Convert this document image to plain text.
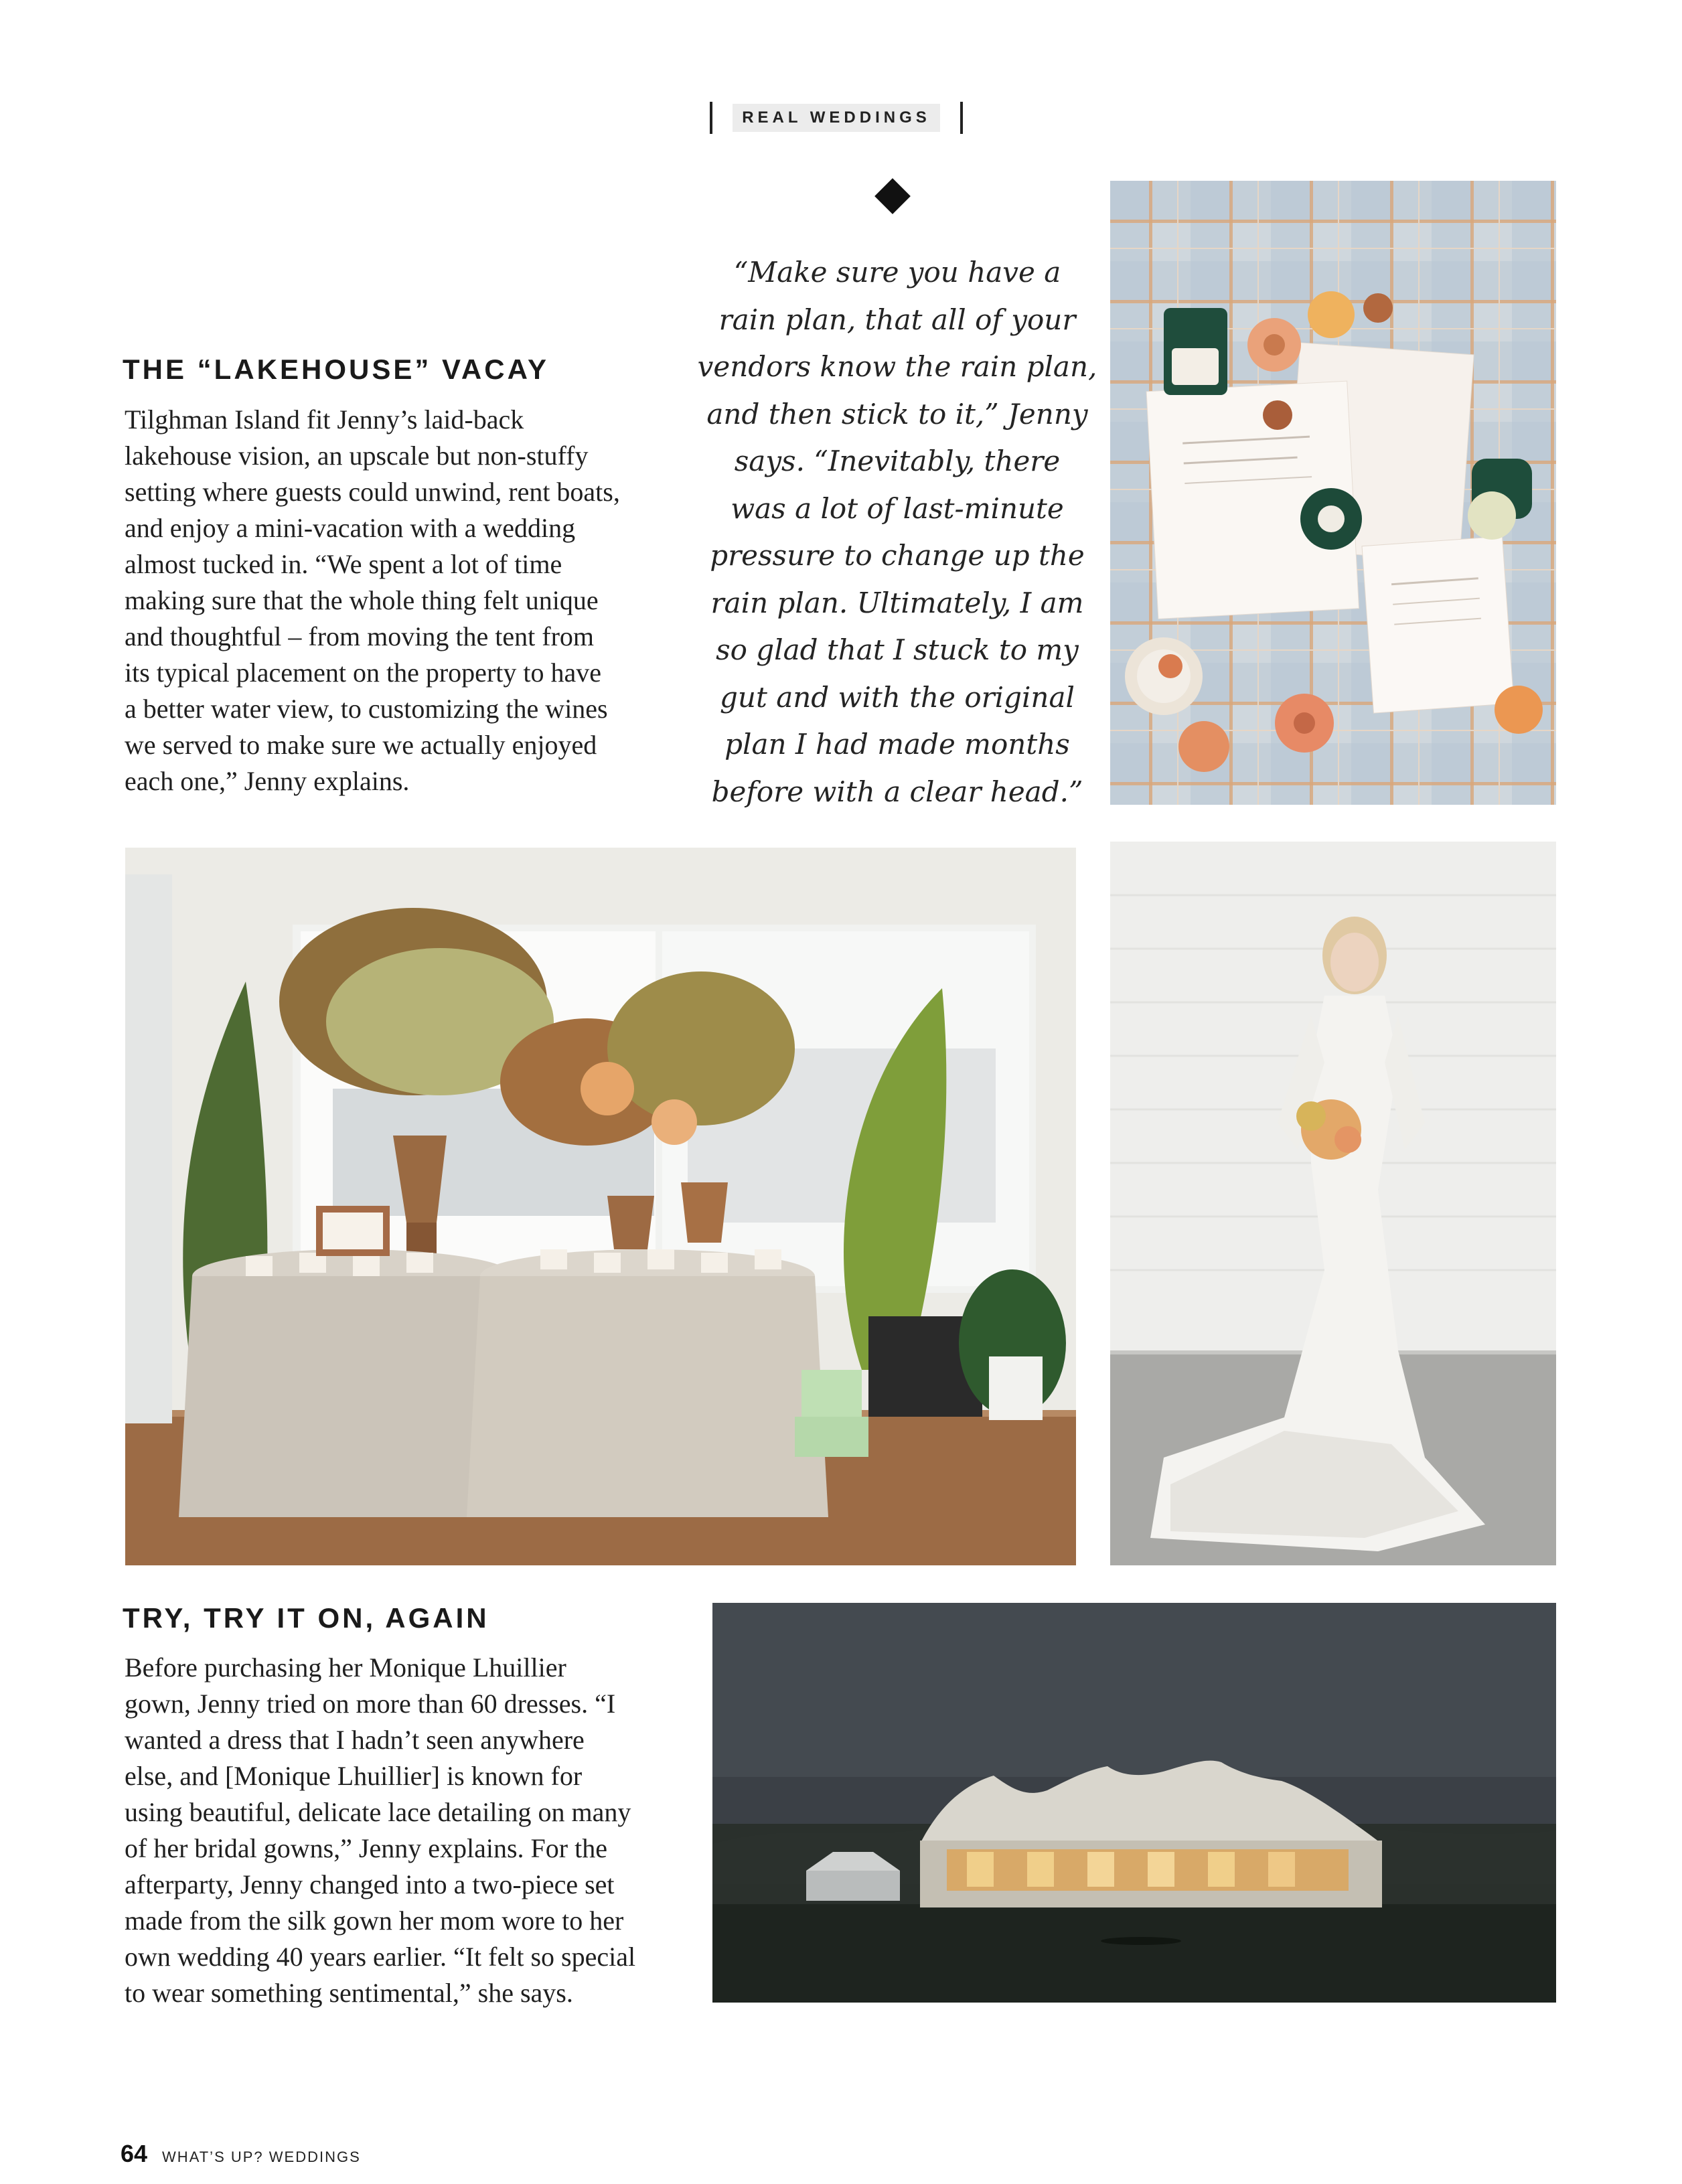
REAL WEDDINGS
THE “LAKEHOUSE” VACAY
Tilghman Island fit Jenny’s laid-back
lakehouse vision, an upscale but non-stuffy
setting where guests could unwind, rent boats,
and enjoy a mini-vacation with a wedding
almost tucked in. “We spent a lot of time
making sure that the whole thing felt unique
and thoughtful – from moving the tent from
its typical placement on the property to have
a better water view, to customizing the wines
we served to make sure we actually enjoyed
each one,” Jenny explains.
“Make sure you have a
rain plan, that all of your
vendors know the rain plan,
and then stick to it,” Jenny
says. “Inevitably, there
was a lot of last-minute
pressure to change up the
rain plan. Ultimately, I am
so glad that I stuck to my
gut and with the original
plan I had made months
before with a clear head.”
TRY, TRY IT ON, AGAIN
Before purchasing her Monique Lhuillier
gown, Jenny tried on more than 60 dresses. “I
wanted a dress that I hadn’t seen anywhere
else, and [Monique Lhuillier] is known for
using beautiful, delicate lace detailing on many
of her bridal gowns,” Jenny explains. For the
afterparty, Jenny changed into a two-piece set
made from the silk gown her mom wore to her
own wedding 40 years earlier. “It felt so special
to wear something sentimental,” she says.
64 WHAT’S UP? WEDDINGS
